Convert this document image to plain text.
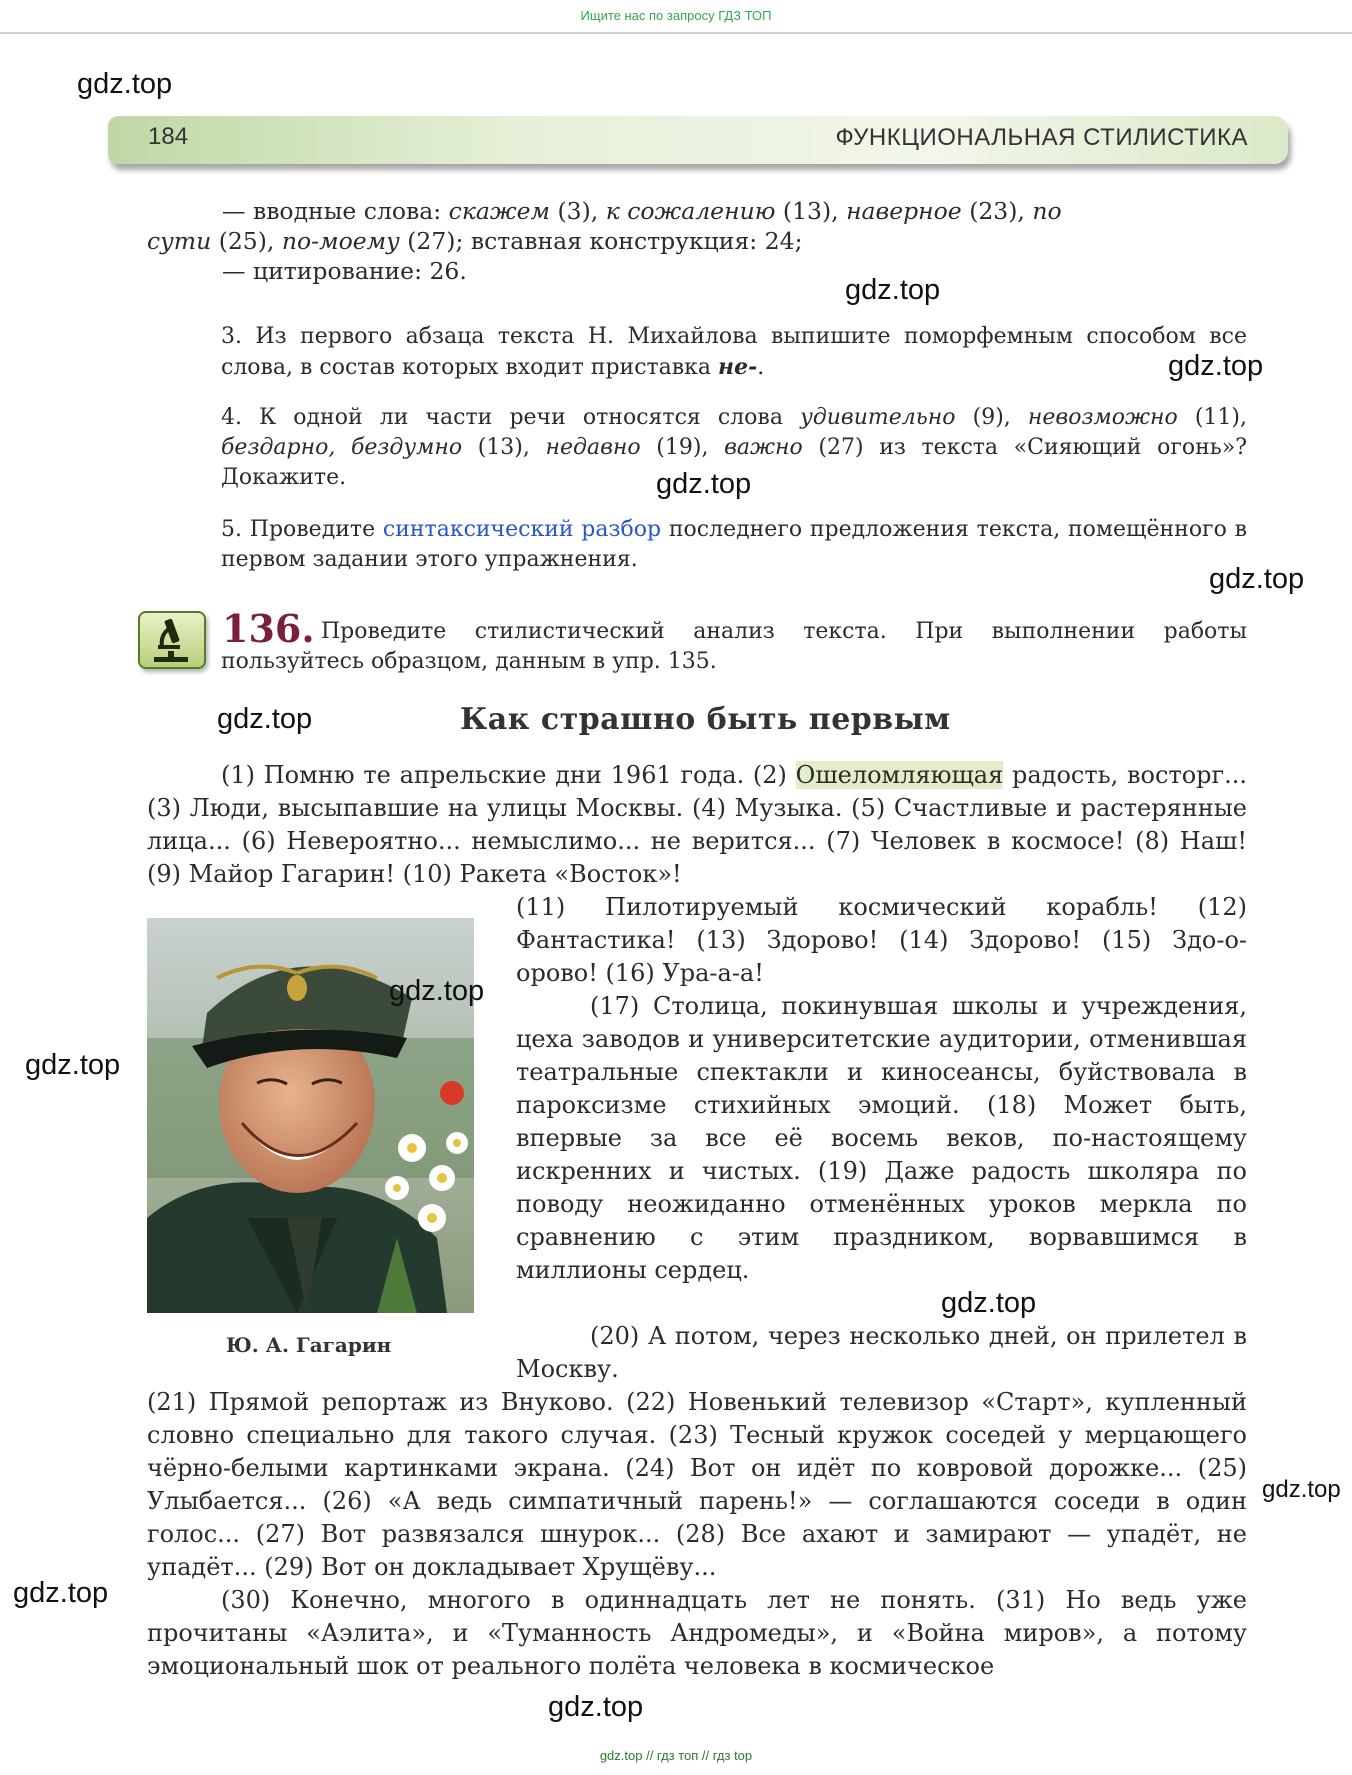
Ищите нас по запросу ГДЗ ТОП
184	ФУНКЦИОНАЛЬНАЯ СТИЛИСТИКА
— вводные слова: скажем (3), к сожалению (13), наверное (23), по
сути (25), по-моему (27); вставная конструкция: 24;
— цитирование: 26.
3. Из первого абзаца текста Н. Михайлова выпишите поморфемным способом все слова, в состав которых входит приставка не-.
4. К одной ли части речи относятся слова удивительно (9), невозможно (11), бездарно, бездумно (13), недавно (19), важно (27) из текста «Сияющий огонь»? Докажите.
5. Проведите синтаксический разбор последнего предложения текста, помещённого в первом задании этого упражнения.
136. Проведите стилистический анализ текста. При выполнении работы пользуйтесь образцом, данным в упр. 135.
Как страшно быть первым
(1) Помню те апрельские дни 1961 года. (2) Ошеломляющая радость, восторг... (3) Люди, высыпавшие на улицы Москвы. (4) Музыка. (5) Счастливые и растерянные лица... (6) Невероятно... немыслимо... не верится... (7) Человек в космосе! (8) Наш! (9) Майор Гагарин! (10) Ракета «Восток»!
Ю. А. Гагарин
(11) Пилотируемый космический корабль! (12) Фантастика! (13) Здорово! (14) Здорово! (15) Здо-о-орово! (16) Ура-а-а!
(17) Столица, покинувшая школы и учреждения, цеха заводов и университетские аудитории, отменившая театральные спектакли и киносеансы, буйствовала в пароксизме стихийных эмоций. (18) Может быть, впервые за все её восемь веков, по-настоящему искренних и чистых. (19) Даже радость школяра по поводу неожиданно отменённых уроков меркла по сравнению с этим праздником, ворвавшимся в миллионы сердец.
(20) А потом, через несколько дней, он прилетел в Москву.
(21) Прямой репортаж из Внуково. (22) Новенький телевизор «Старт», купленный словно специально для такого случая. (23) Тесный кружок соседей у мерцающего чёрно-белыми картинками экрана. (24) Вот он идёт по ковровой дорожке... (25) Улыбается... (26) «А ведь симпатичный парень!» — соглашаются соседи в один голос... (27) Вот развязался шнурок... (28) Все ахают и замирают — упадёт, не упадёт... (29) Вот он докладывает Хрущёву...
(30) Конечно, многого в одиннадцать лет не понять. (31) Но ведь уже прочитаны «Аэлита», и «Туманность Андромеды», и «Война миров», а потому эмоциональный шок от реального полёта человека в космическое
gdz.top
gdz.top
gdz.top
gdz.top
gdz.top
gdz.top
gdz.top
gdz.top
gdz.top
gdz.top
gdz.top
gdz.top
gdz.top // гдз топ // гдз top
